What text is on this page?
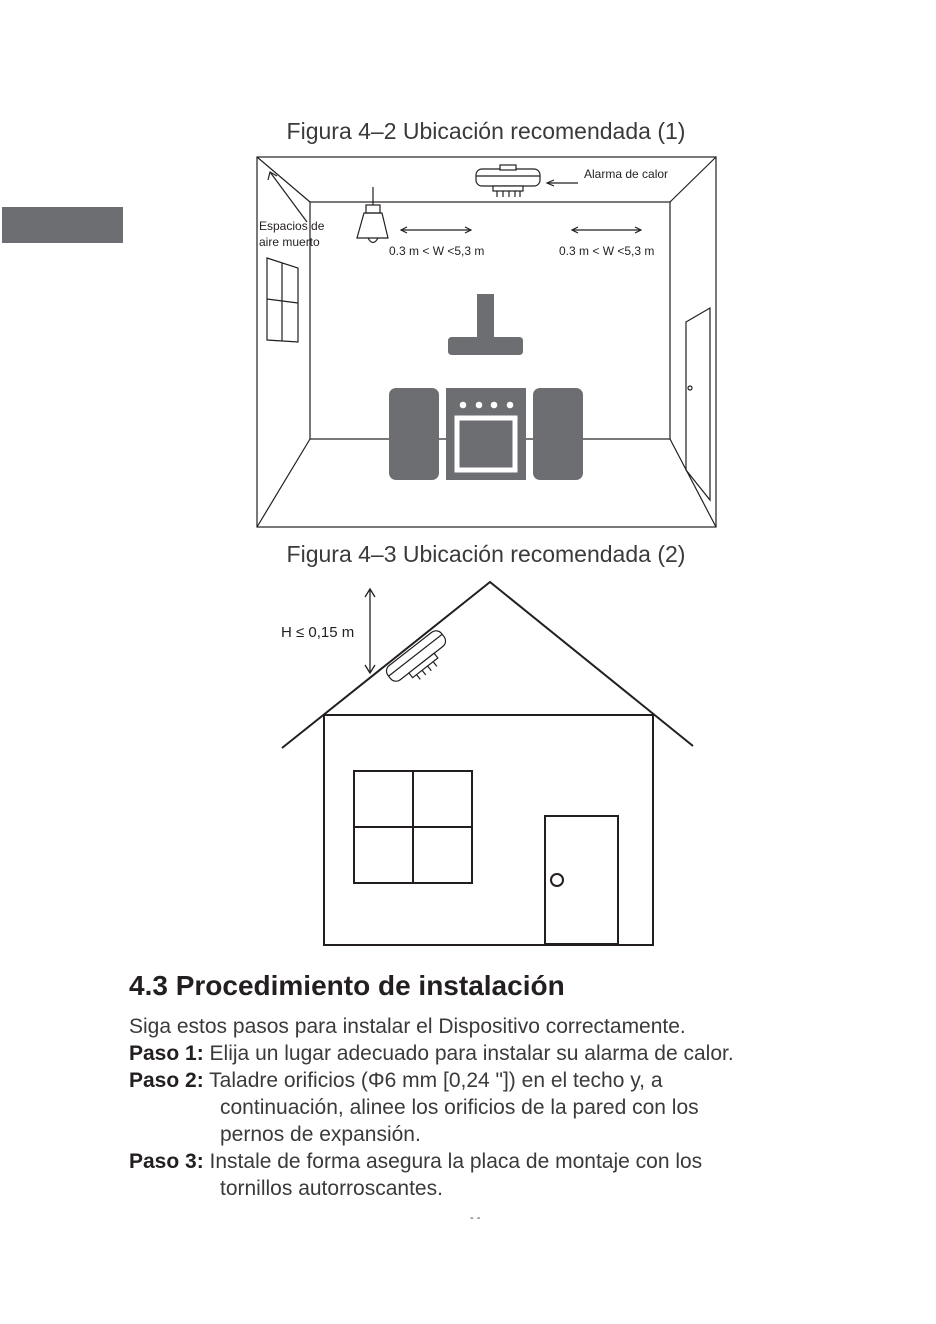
Figura 4–2 Ubicación recomendada (1)
Alarma de calor
Espacios de
aire muerto
0.3 m < W <5,3 m	0.3 m < W <5,3 m
Figura 4–3 Ubicación recomendada (2)
H ≤ 0,15 m
4.3 Procedimiento de instalación
Siga estos pasos para instalar el Dispositivo correctamente.
Paso 1: Elija un lugar adecuado para instalar su alarma de calor.
Paso 2: Taladre orificios (Φ6 mm [0,24 "]) en el techo y, a
continuación, alinee los orificios de la pared con los
pernos de expansión.
Paso 3: Instale de forma asegura la placa de montaje con los
tornillos autorroscantes.
- -
